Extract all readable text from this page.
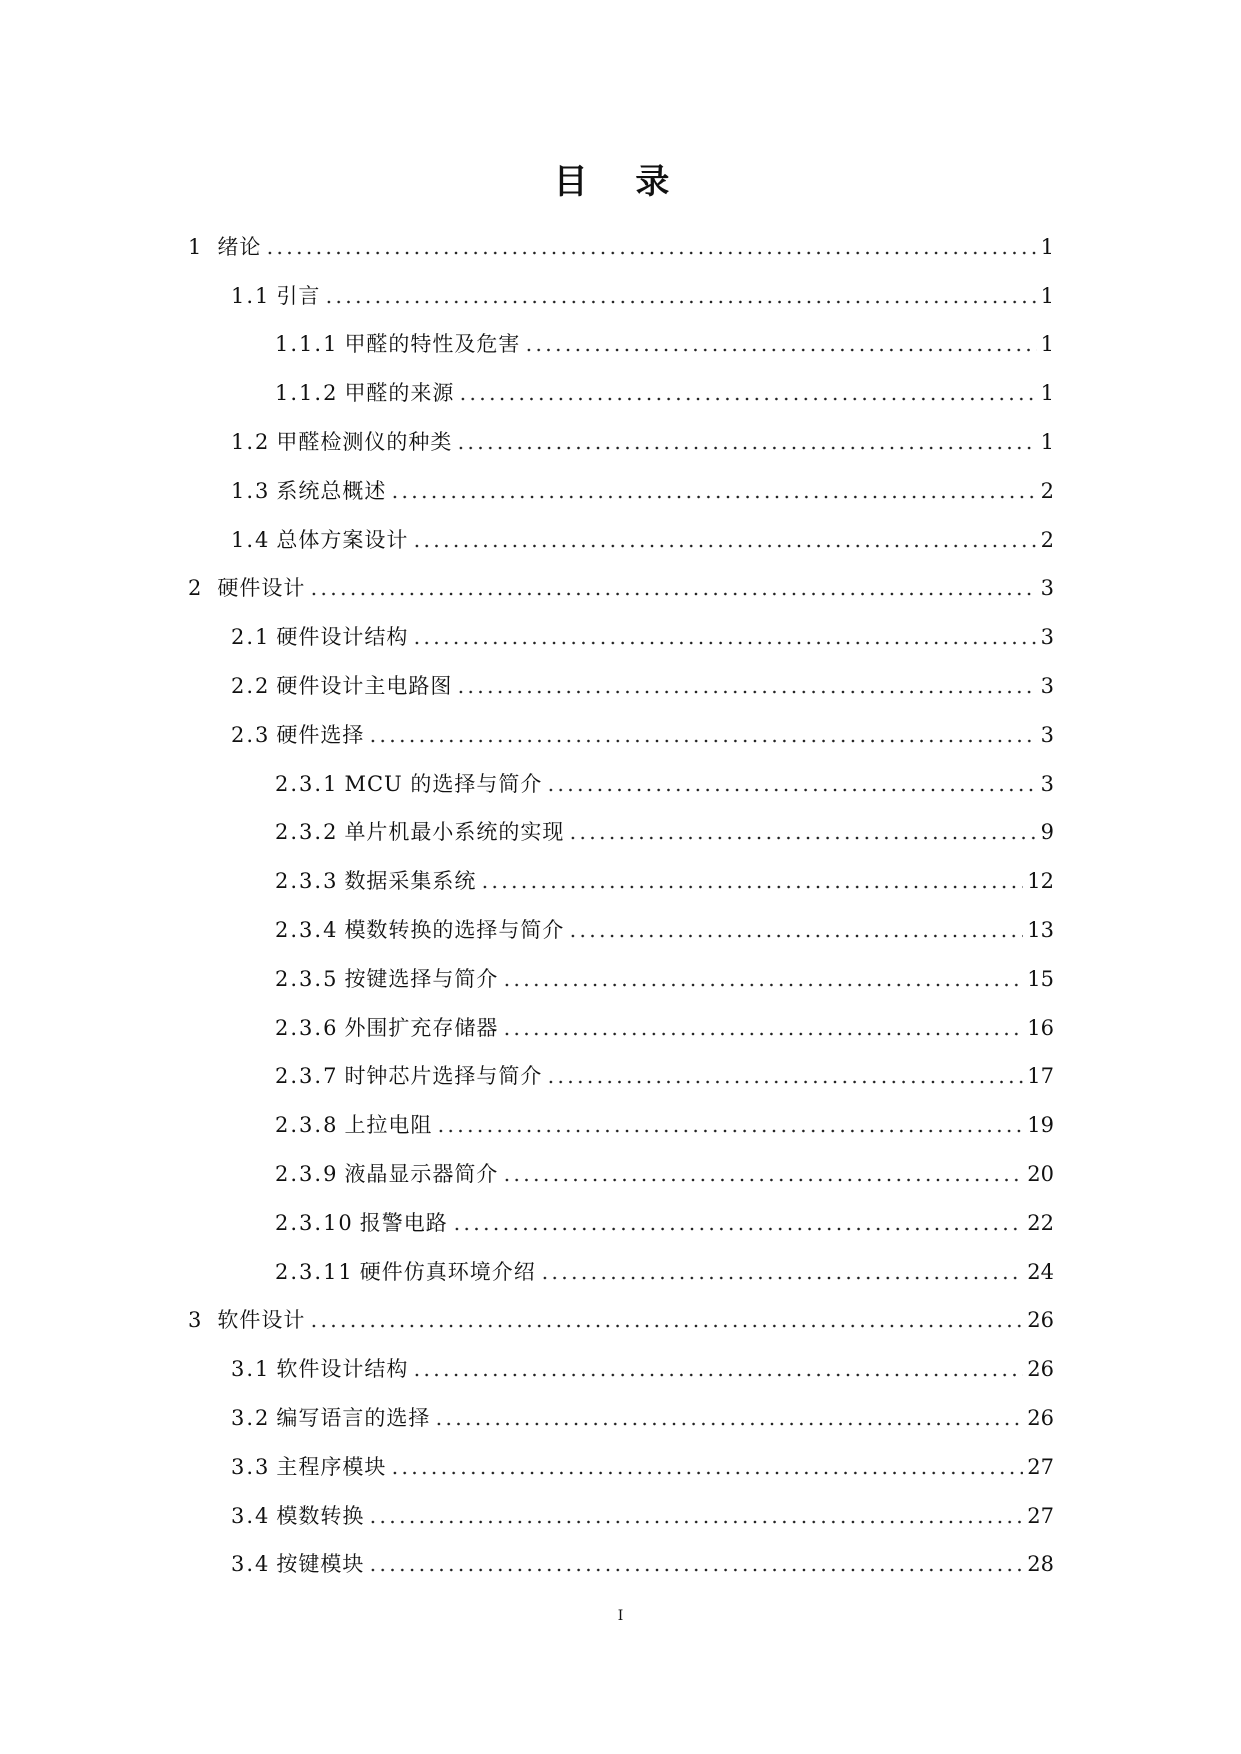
目 录
1 绪论	1
1.1 引言	1
1.1.1 甲醛的特性及危害	1
1.1.2 甲醛的来源	1
1.2 甲醛检测仪的种类	1
1.3 系统总概述	2
1.4 总体方案设计	2
2 硬件设计	3
2.1 硬件设计结构	3
2.2 硬件设计主电路图	3
2.3 硬件选择	3
2.3.1 MCU 的选择与简介	3
2.3.2 单片机最小系统的实现	9
2.3.3 数据采集系统	12
2.3.4 模数转换的选择与简介	13
2.3.5 按键选择与简介	15
2.3.6 外围扩充存储器	16
2.3.7 时钟芯片选择与简介	17
2.3.8 上拉电阻	19
2.3.9 液晶显示器简介	20
2.3.10 报警电路	22
2.3.11 硬件仿真环境介绍	24
3 软件设计	26
3.1 软件设计结构	26
3.2 编写语言的选择	26
3.3 主程序模块	27
3.4 模数转换	27
3.4 按键模块	28
I
